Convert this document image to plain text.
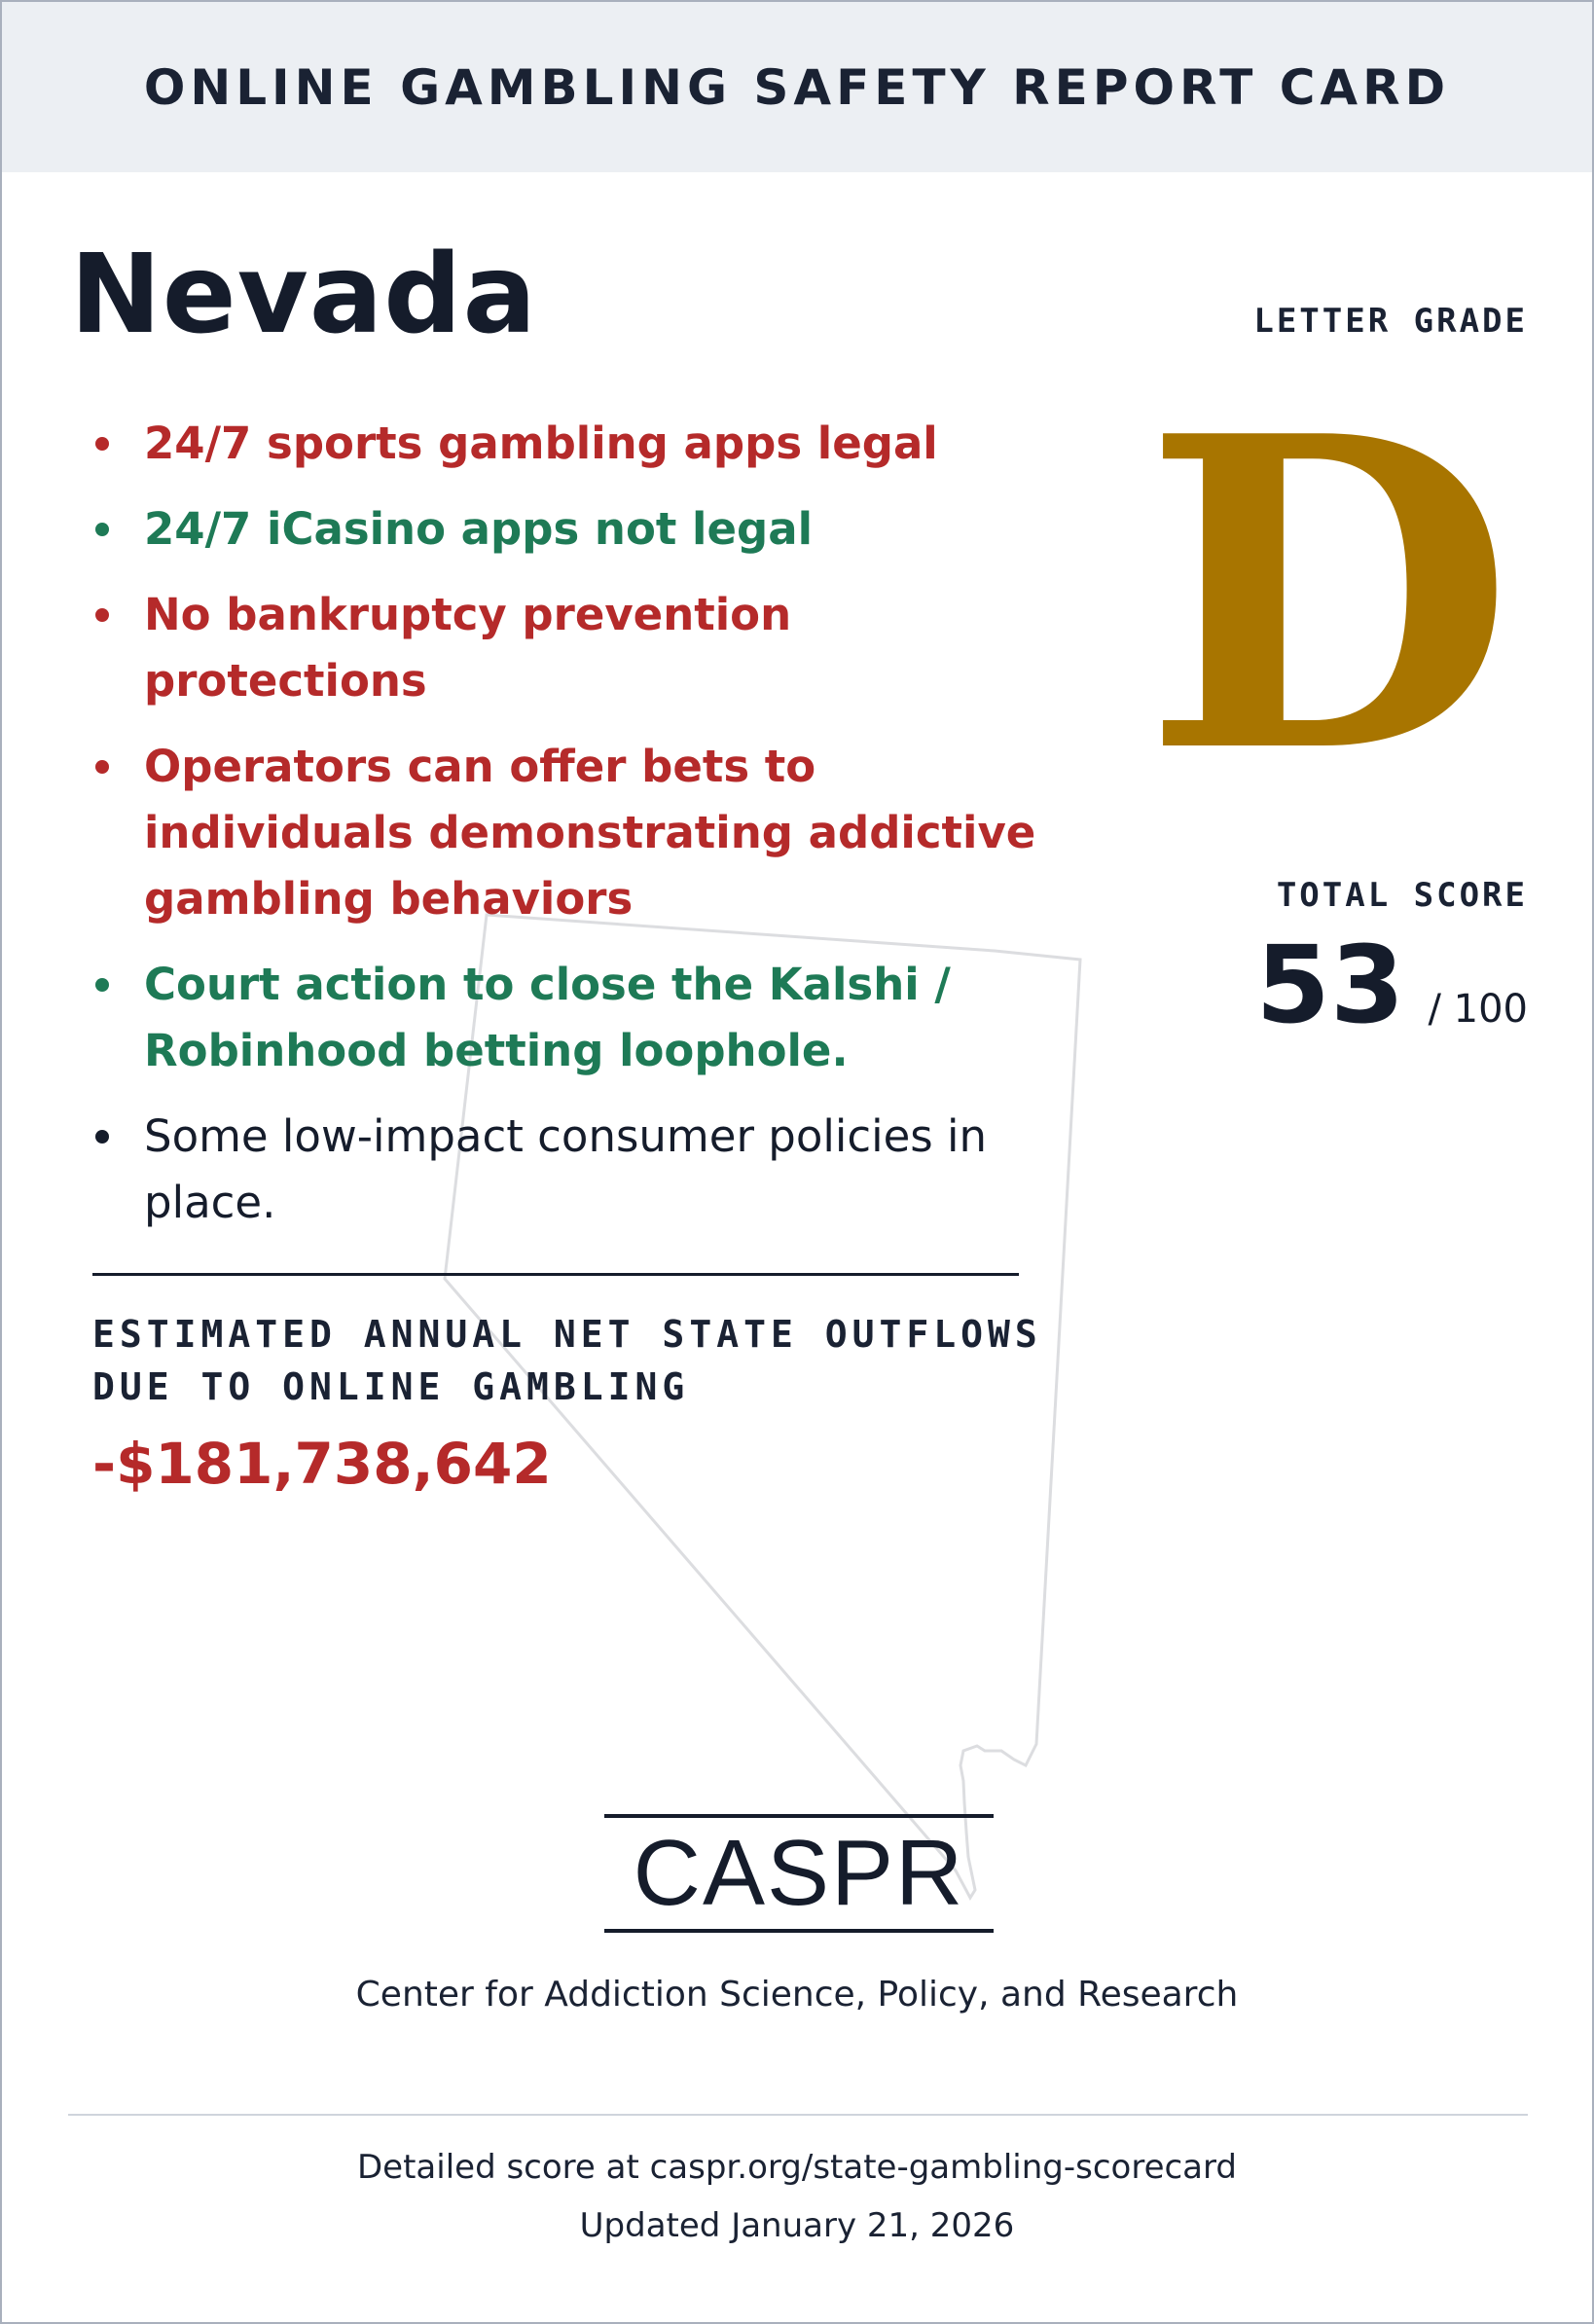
ONLINE GAMBLING SAFETY REPORT CARD
Nevada
24/7 sports gambling apps legal
24/7 iCasino apps not legal
No bankruptcy prevention protections
Operators can offer bets to individuals demonstrating addictive gambling behaviors
Court action to close the Kalshi / Robinhood betting loophole.
Some low-impact consumer policies in place.
ESTIMATED ANNUAL NET STATE OUTFLOWS DUE TO ONLINE GAMBLING
-$181,738,642
LETTER GRADE
D
TOTAL SCORE
53 / 100
CASPR
Center for Addiction Science, Policy, and Research
Detailed score at caspr.org/state-gambling-scorecard
Updated January 21, 2026
